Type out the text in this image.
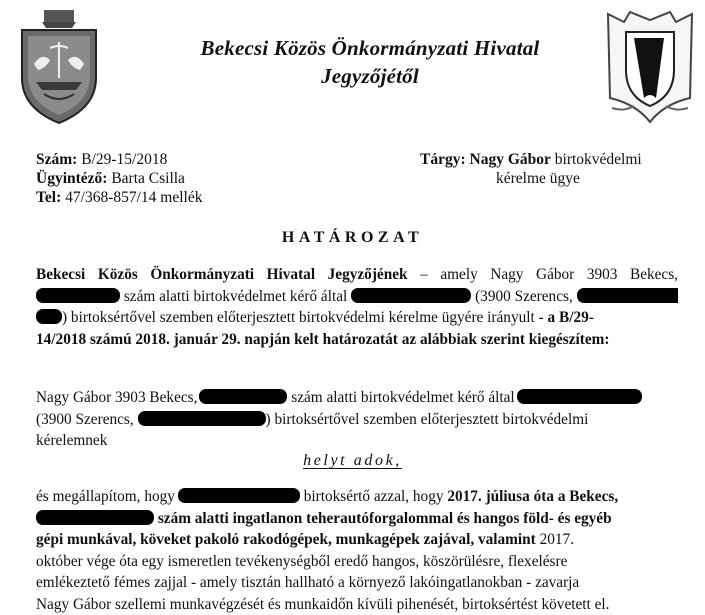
Bekecsi Közös Önkormányzati Hivatal
Jegyzőjétől
Szám: B/29-15/2018
Ügyintéző: Barta Csilla
Tel: 47/368-857/14 mellék
Tárgy: Nagy Gábor birtokvédelmi
kérelme ügye
HATÁROZAT
Bekecsi Közös Önkormányzati Hivatal Jegyzőjének – amely Nagy Gábor 3903 Bekecs,
szám alatti birtokvédelmet kérő által	(3900 Szerencs,
) birtoksértővel szemben előterjesztett birtokvédelmi kérelme ügyére irányult - a B/29-
14/2018 számú 2018. január 29. napján kelt határozatát az alábbiak szerint kiegészítem:
Nagy Gábor 3903 Bekecs,	szám alatti birtokvédelmet kérő által
(3900 Szerencs,	) birtoksértővel szemben előterjesztett birtokvédelmi
kérelemnek
helyt adok,
és megállapítom, hogy	birtoksértő azzal, hogy 2017. júliusa óta a Bekecs,
szám alatti ingatlanon teherautóforgalommal és hangos föld- és egyéb
gépi munkával, köveket pakoló rakodógépek, munkagépek zajával, valamint 2017.
október vége óta egy ismeretlen tevékenységből eredő hangos, köszörülésre, flexelésre
emlékeztető fémes zajjal - amely tisztán hallható a környező lakóingatlanokban - zavarja
Nagy Gábor szellemi munkavégzését és munkaidőn kívüli pihenését, birtoksértést követett el.
